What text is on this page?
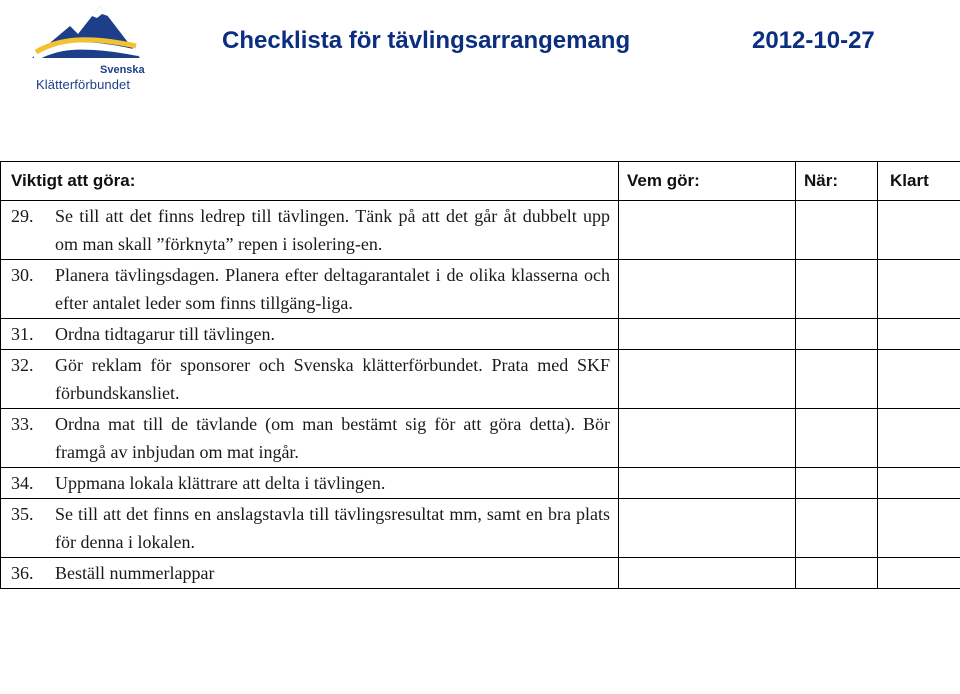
Svenska
Klätterförbundet
Checklista för tävlingsarrangemang	2012-10-27
Viktigt att göra:	Vem gör:	När:	Klart

29. Se till att det finns ledrep till tävlingen. Tänk på att det går åt dubbelt upp om man skall ”förknyta” repen i isolering-en.			

30. Planera tävlingsdagen. Planera efter deltagarantalet i de olika klasserna och efter antalet leder som finns tillgäng-liga.			

31. Ordna tidtagarur till tävlingen.			

32. Gör reklam för sponsorer och Svenska klätterförbundet. Prata med SKF förbundskansliet.			

33. Ordna mat till de tävlande (om man bestämt sig för att göra detta). Bör framgå av inbjudan om mat ingår.			

34. Uppmana lokala klättrare att delta i tävlingen.			

35. Se till att det finns en anslagstavla till tävlingsresultat mm, samt en bra plats för denna i lokalen.			

36. Beställ nummerlappar			
